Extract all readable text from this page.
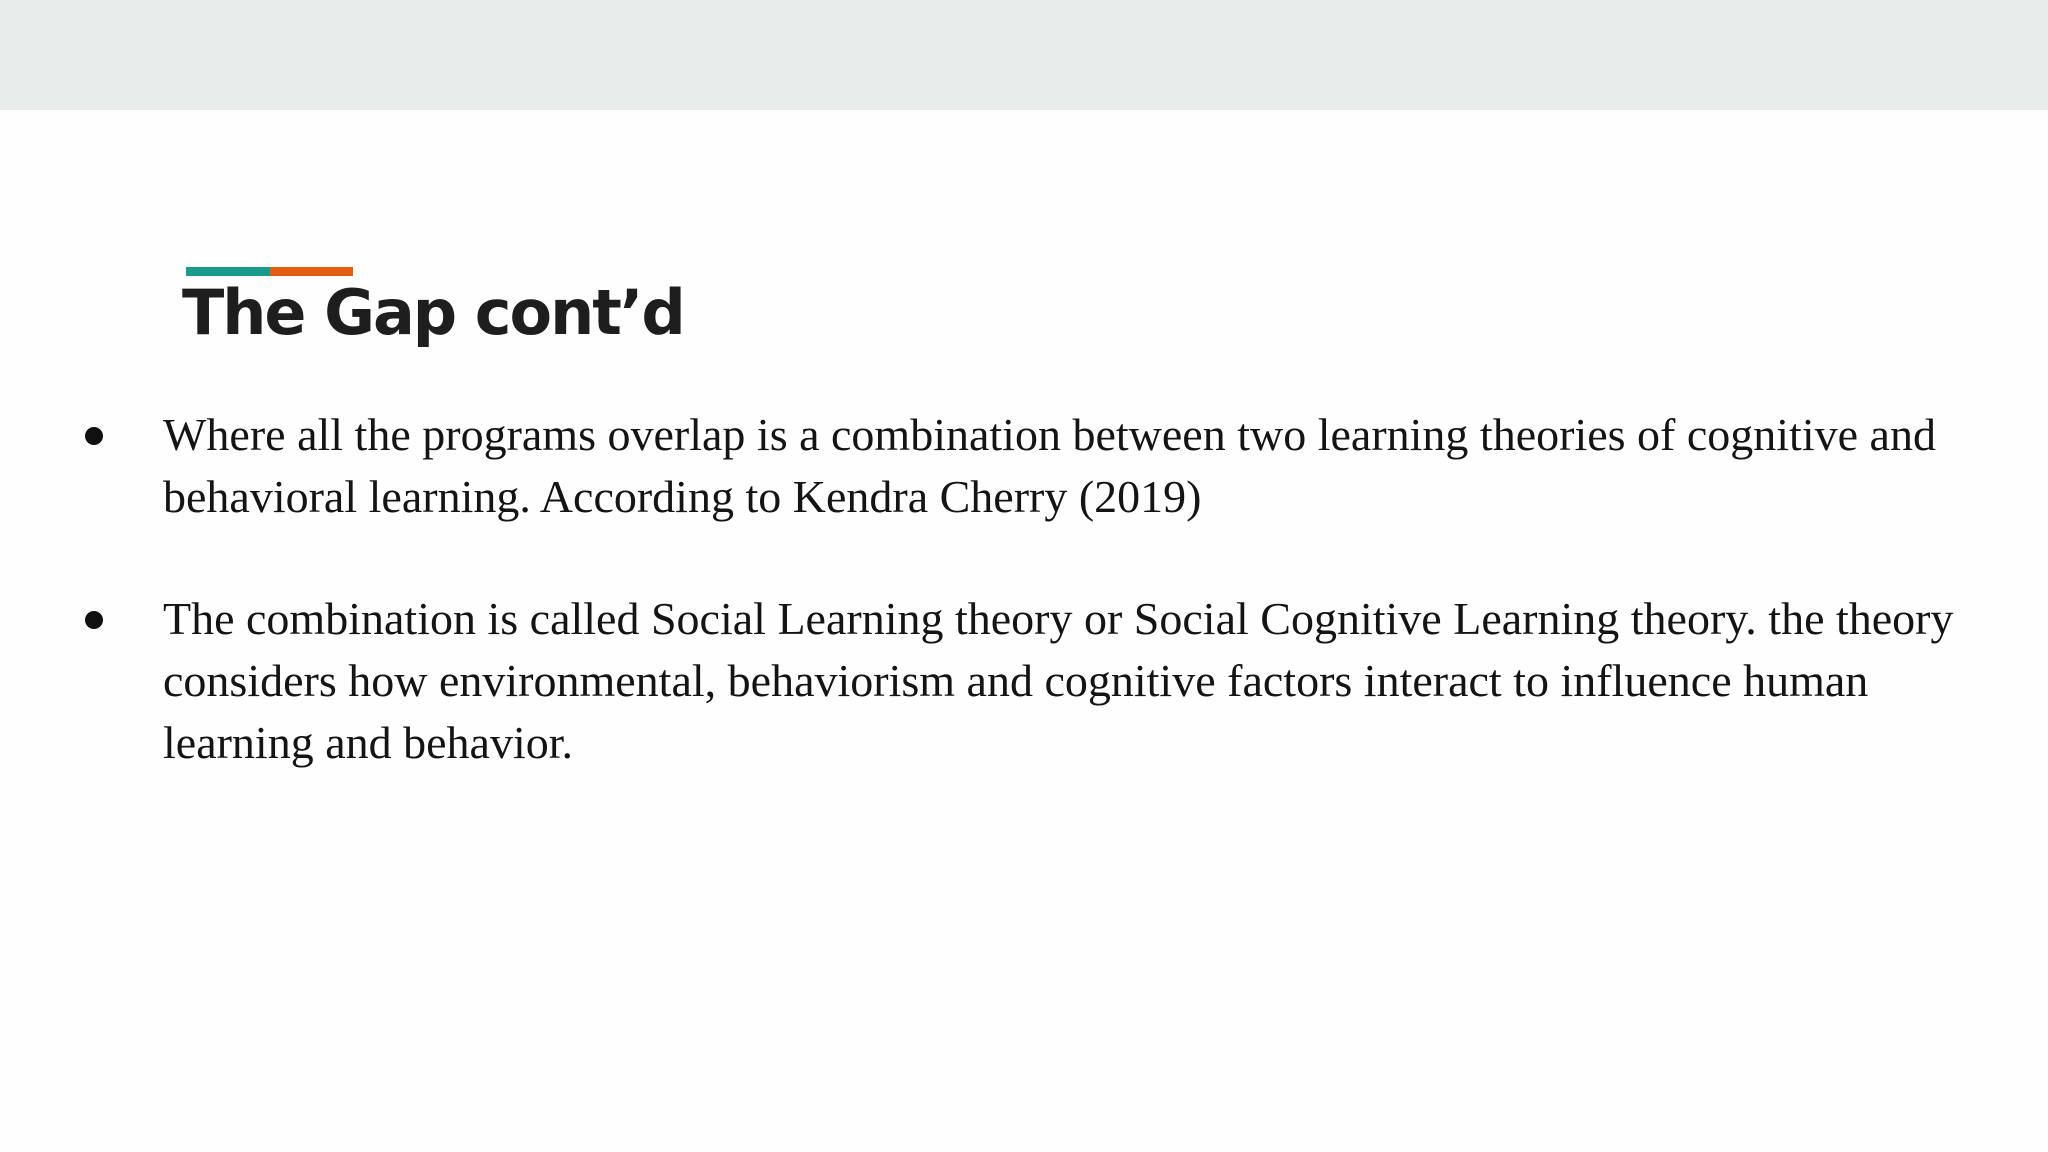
The Gap cont’d
Where all the programs overlap is a combination between two learning theories of cognitive and behavioral learning. According to Kendra Cherry (2019)
The combination is called Social Learning theory or Social Cognitive Learning theory. the theory considers how environmental, behaviorism and cognitive factors interact to influence human learning and behavior.
